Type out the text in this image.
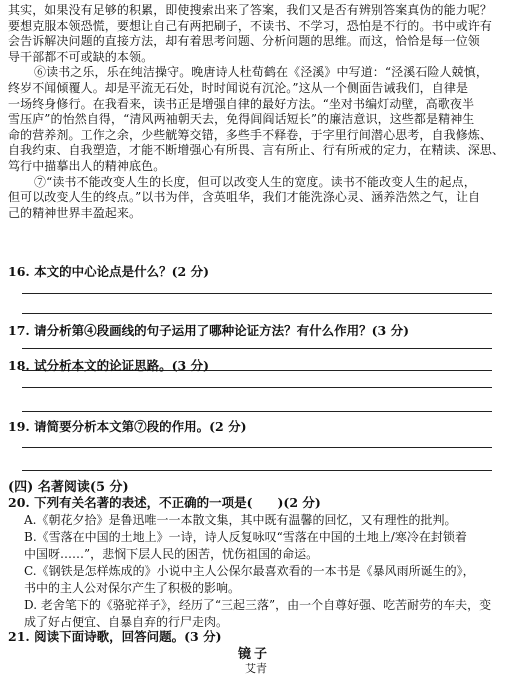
其实，如果没有足够的积累，即使搜索出来了答案，我们又是否有辨别答案真伪的能力呢？
要想克服本领恐慌，要想让自己有两把刷子，不读书、不学习，恐怕是不行的。书中或许有
会告诉解决问题的直接方法，却有着思考问题、分析问题的思维。而这，恰恰是每一位领
导干部都不可或缺的本领。
⑥读书之乐，乐在纯洁操守。晚唐诗人杜荀鹤在《泾溪》中写道：“泾溪石险人兢慎，
终岁不闻倾覆人。却是平流无石处，时时闻说有沉沦。”这从一个侧面告诫我们，自律是
一场终身修行。在我看来，读书正是增强自律的最好方法。“坐对书编灯动壁，高歌夜半
雪压庐”的怡然自得，“清风两袖朝天去，免得闾阎话短长”的廉洁意识，这些都是精神生
命的营养剂。工作之余，少些觥筹交错，多些手不释卷，于字里行间潜心思考，自我修炼、
自我约束、自我塑造，才能不断增强心有所畏、言有所止、行有所戒的定力，在精读、深思、
笃行中描摹出人的精神底色。
⑦“读书不能改变人生的长度，但可以改变人生的宽度。读书不能改变人生的起点，
但可以改变人生的终点。”以书为伴，含英咀华，我们才能洗涤心灵、涵养浩然之气，让自
己的精神世界丰盈起来。
16. 本文的中心论点是什么？(2 分)
17. 请分析第④段画线的句子运用了哪种论证方法？有什么作用？(3 分)
18. 试分析本文的论证思路。(3 分)
19. 请简要分析本文第⑦段的作用。(2 分)
(四) 名著阅读(5 分)
20. 下列有关名著的表述，不正确的一项是(　　)(2 分)
A.《朝花夕拾》是鲁迅唯一一本散文集，其中既有温馨的回忆，又有理性的批判。
B.《雪落在中国的土地上》一诗，诗人反复咏叹“雪落在中国的土地上/寒冷在封锁着
中国呀……”，悲悯下层人民的困苦，忧伤祖国的命运。
C.《钢铁是怎样炼成的》小说中主人公保尔最喜欢看的一本书是《暴风雨所诞生的》，
书中的主人公对保尔产生了积极的影响。
D. 老舍笔下的《骆驼祥子》，经历了“三起三落”，由一个自尊好强、吃苦耐劳的车夫，变
成了好占便宜、自暴自弃的行尸走肉。
21. 阅读下面诗歌，回答问题。(3 分)
镜子
艾青
